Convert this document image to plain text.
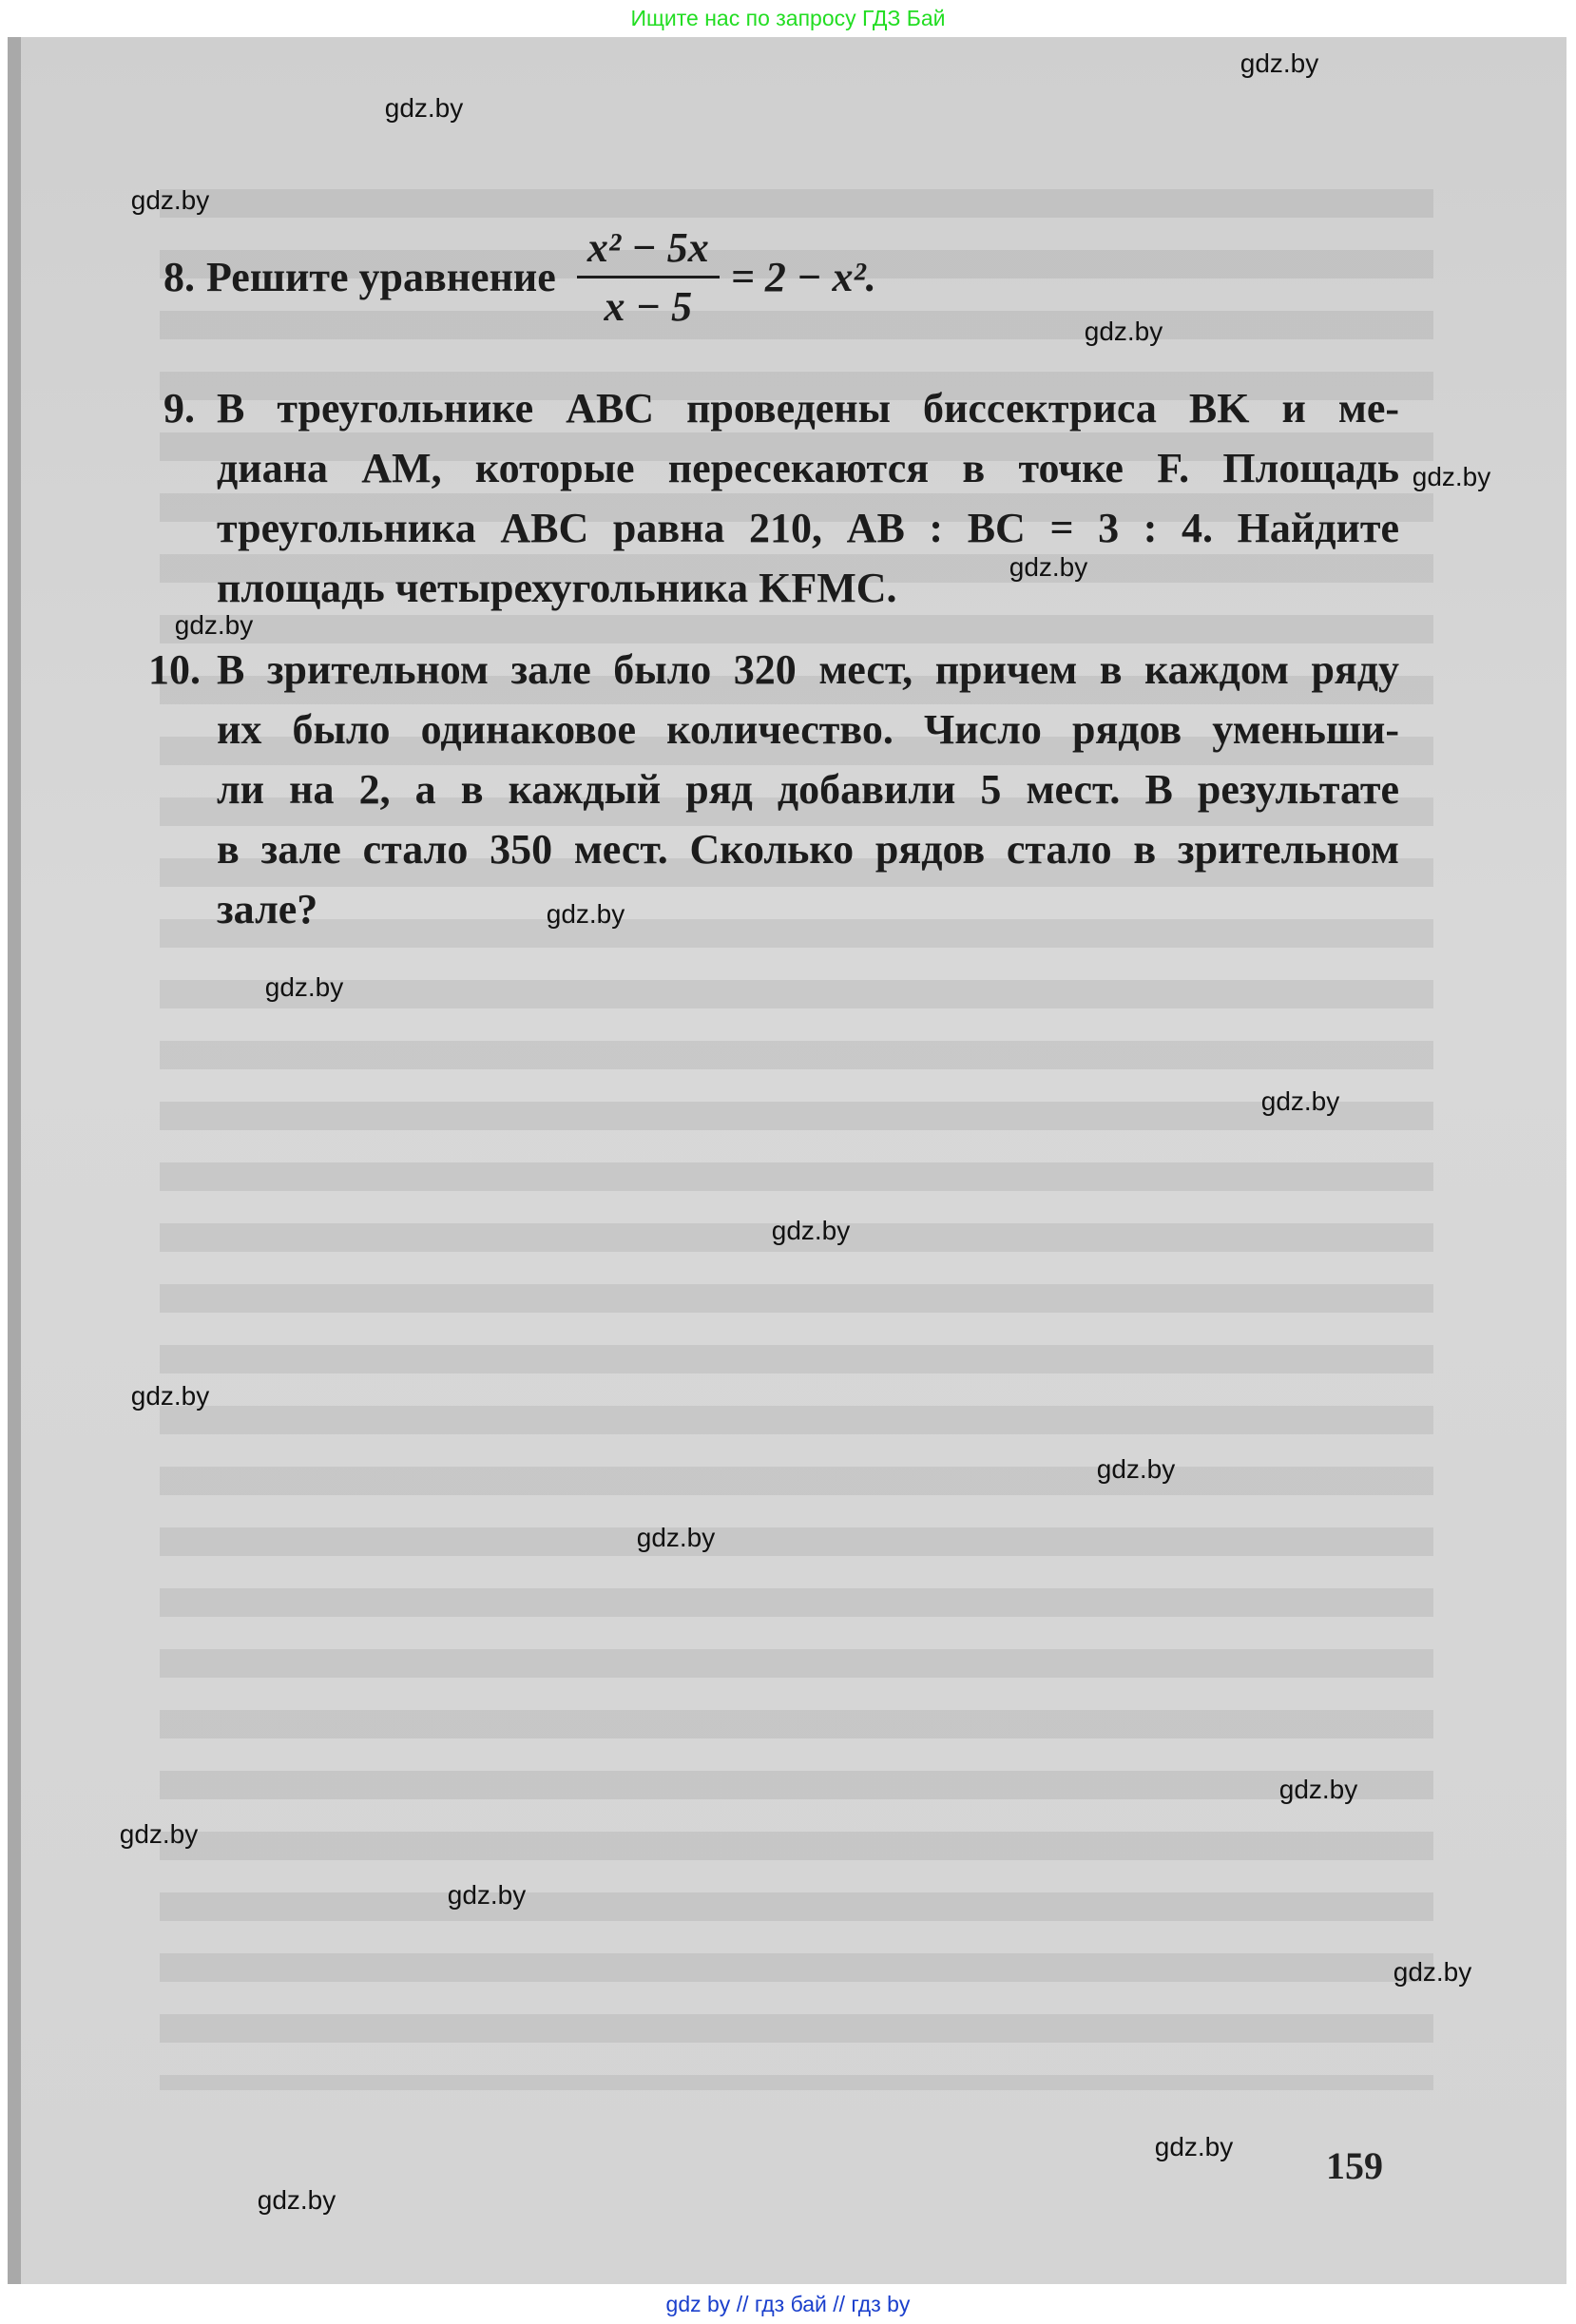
Ищите нас по запросу ГДЗ Бай
8. Решите уравнение $\frac{\text{x² − 5x}}{x - 5} = 2 - x^2$.
9. В треугольнике ABC проведены биссектриса BK и ме-
диана AM, которые пересекаются в точке F. Площадь
треугольника ABC равна 210, AB : BC = 3 : 4. Найдите
площадь четырехугольника KFMC.
10. В зрительном зале было 320 мест, причем в каждом ряду
их было одинаковое количество. Число рядов уменьши-
ли на 2, а в каждый ряд добавили 5 мест. В результате
в зале стало 350 мест. Сколько рядов стало в зрительном
зале?
159
gdz.by
gdz.by
gdz.by
gdz.by
gdz.by
gdz.by
gdz.by
gdz.by
gdz.by
gdz.by
gdz.by
gdz.by
gdz.by
gdz.by
gdz.by
gdz.by
gdz.by
gdz.by
gdz.by
gdz.by
gdz by // гдз бай // гдз by
